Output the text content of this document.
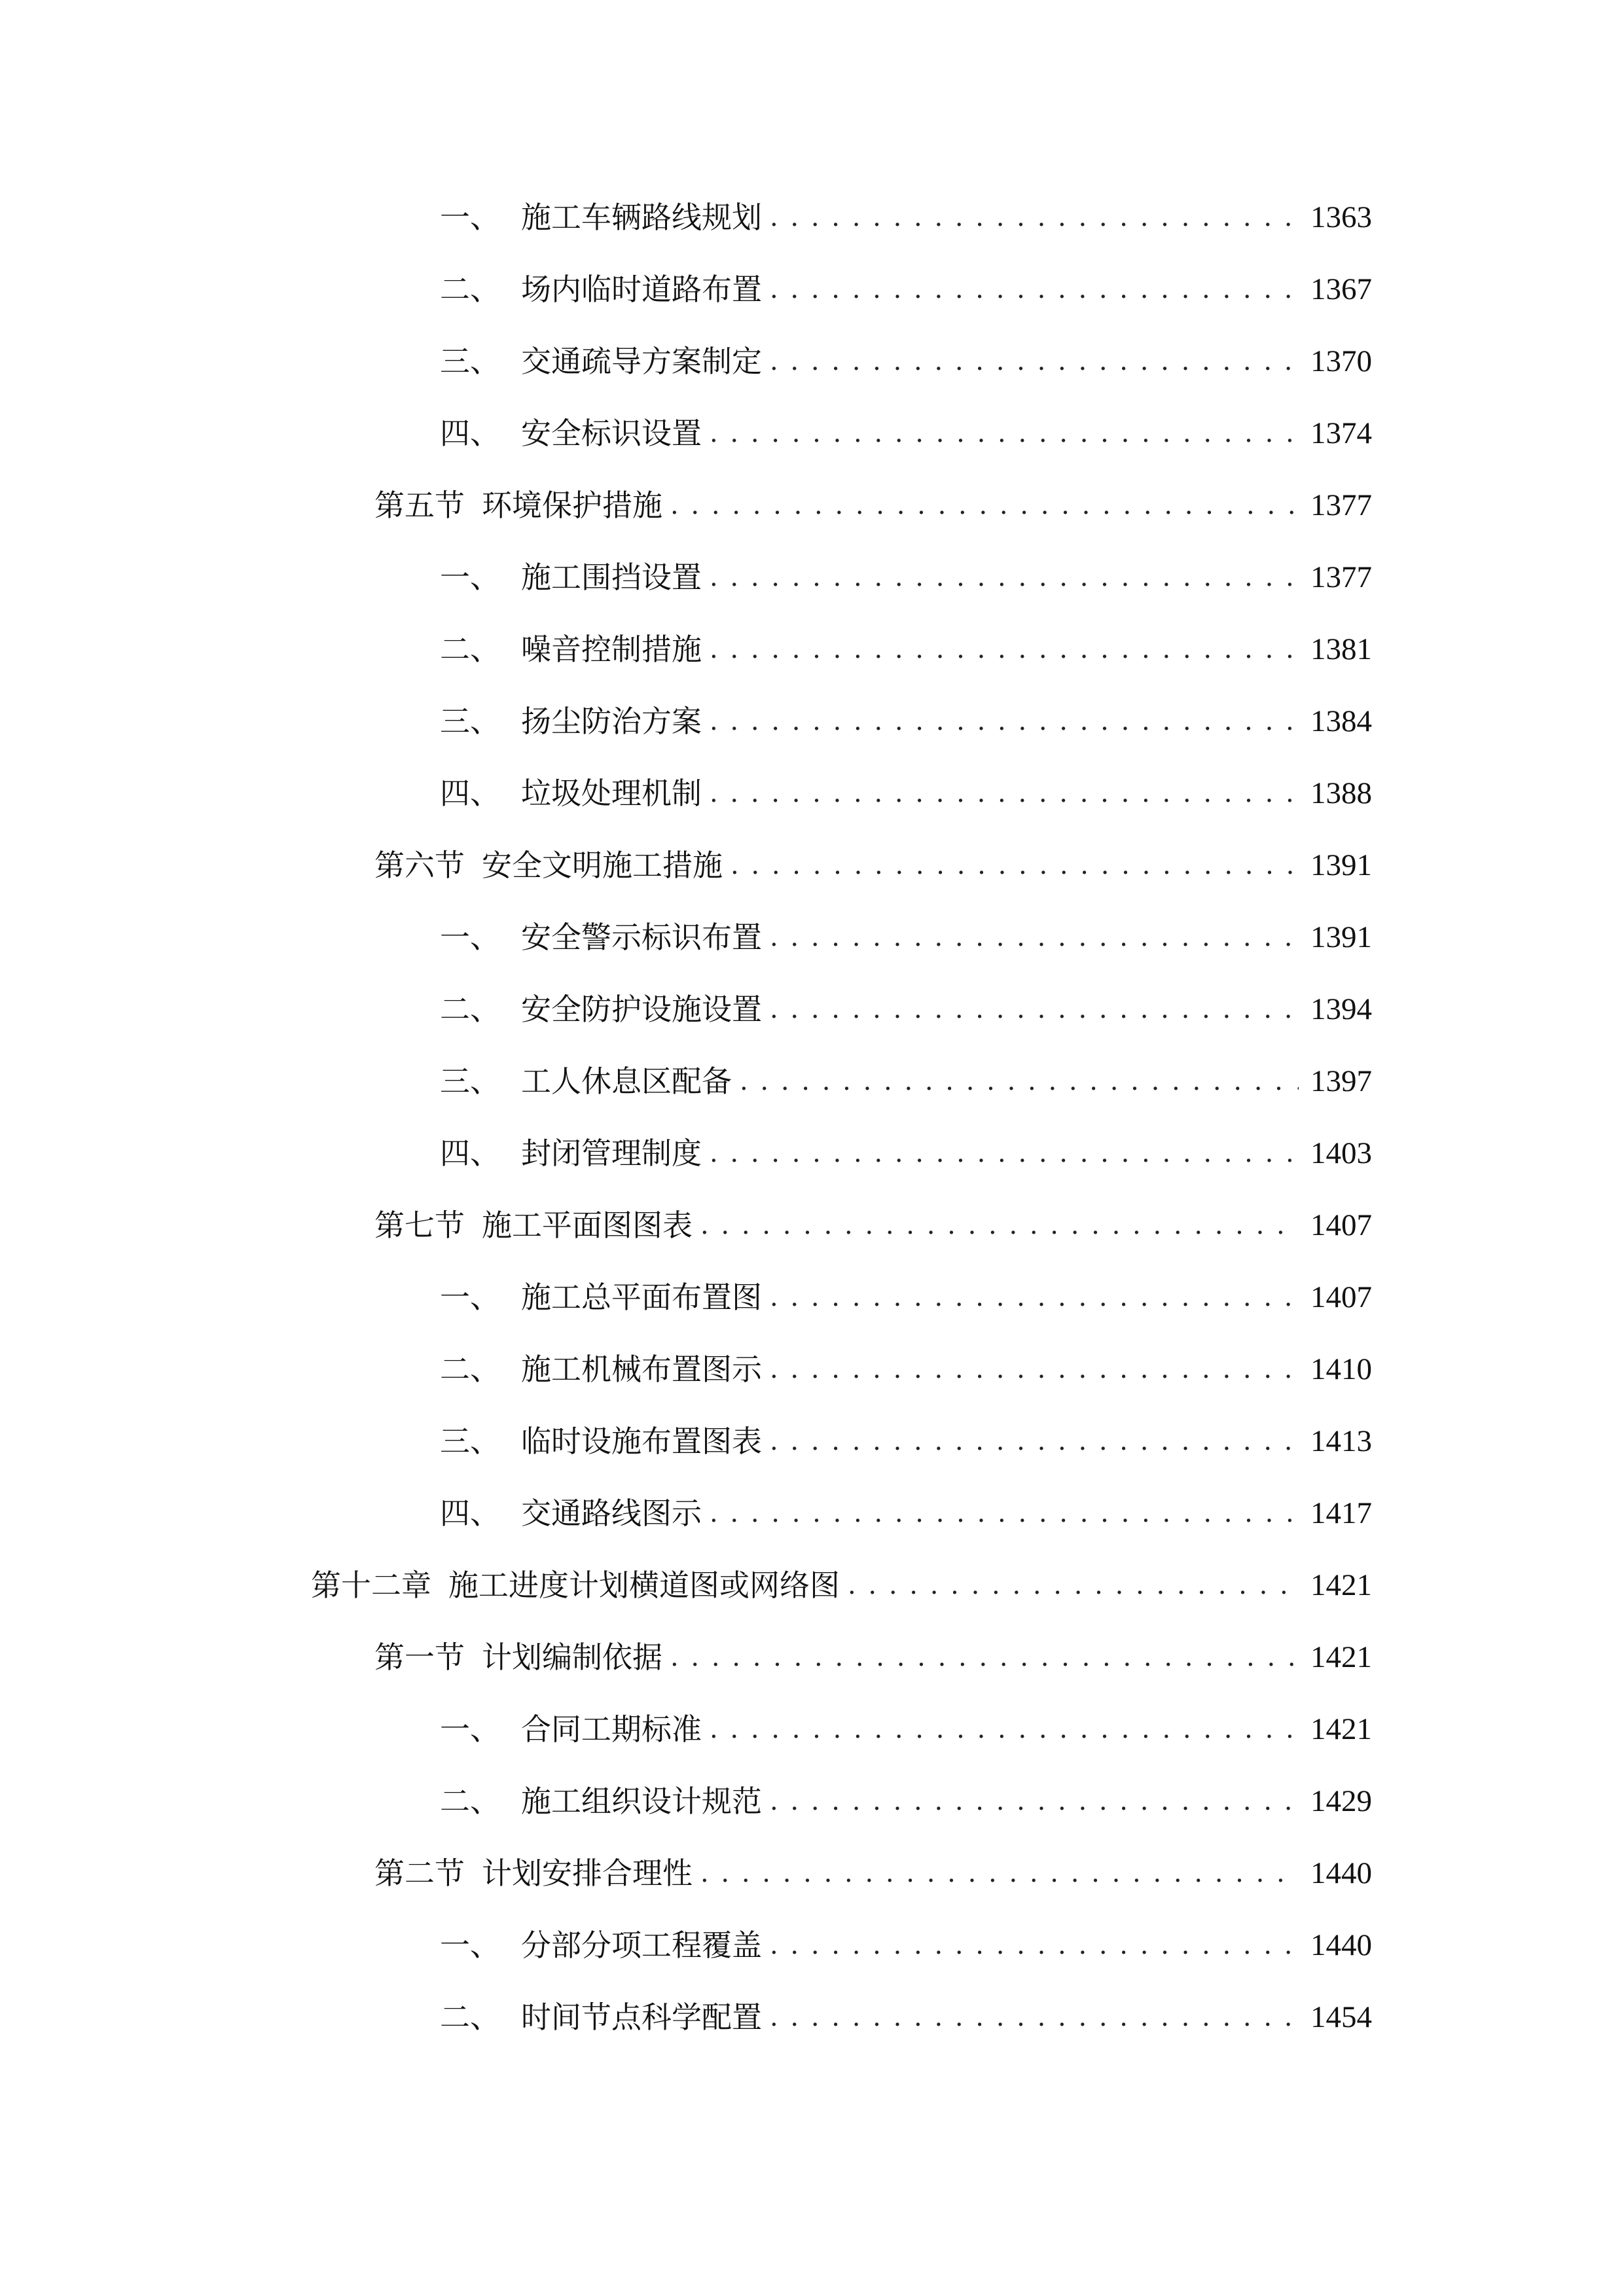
一、 施工车辆路线规划 . . .	1363
二、 场内临时道路布置 . . .	1367
三、 交通疏导方案制定 . . .	1370
四、 安全标识设置 . . .	1374
第五节 环境保护措施 . . .	1377
一、 施工围挡设置 . . .	1377
二、 噪音控制措施 . . .	1381
三、 扬尘防治方案 . . .	1384
四、 垃圾处理机制 . . .	1388
第六节 安全文明施工措施 . . .	1391
一、 安全警示标识布置 . . .	1391
二、 安全防护设施设置 . . .	1394
三、 工人休息区配备 . . .	1397
四、 封闭管理制度 . . .	1403
第七节 施工平面图图表 . . .	1407
一、 施工总平面布置图 . . .	1407
二、 施工机械布置图示 . . .	1410
三、 临时设施布置图表 . . .	1413
四、 交通路线图示 . . .	1417
第十二章 施工进度计划横道图或网络图 . . .	1421
第一节 计划编制依据 . . .	1421
一、 合同工期标准 . . .	1421
二、 施工组织设计规范 . . .	1429
第二节 计划安排合理性 . . .	1440
一、 分部分项工程覆盖 . . .	1440
二、 时间节点科学配置 . . .	1454
